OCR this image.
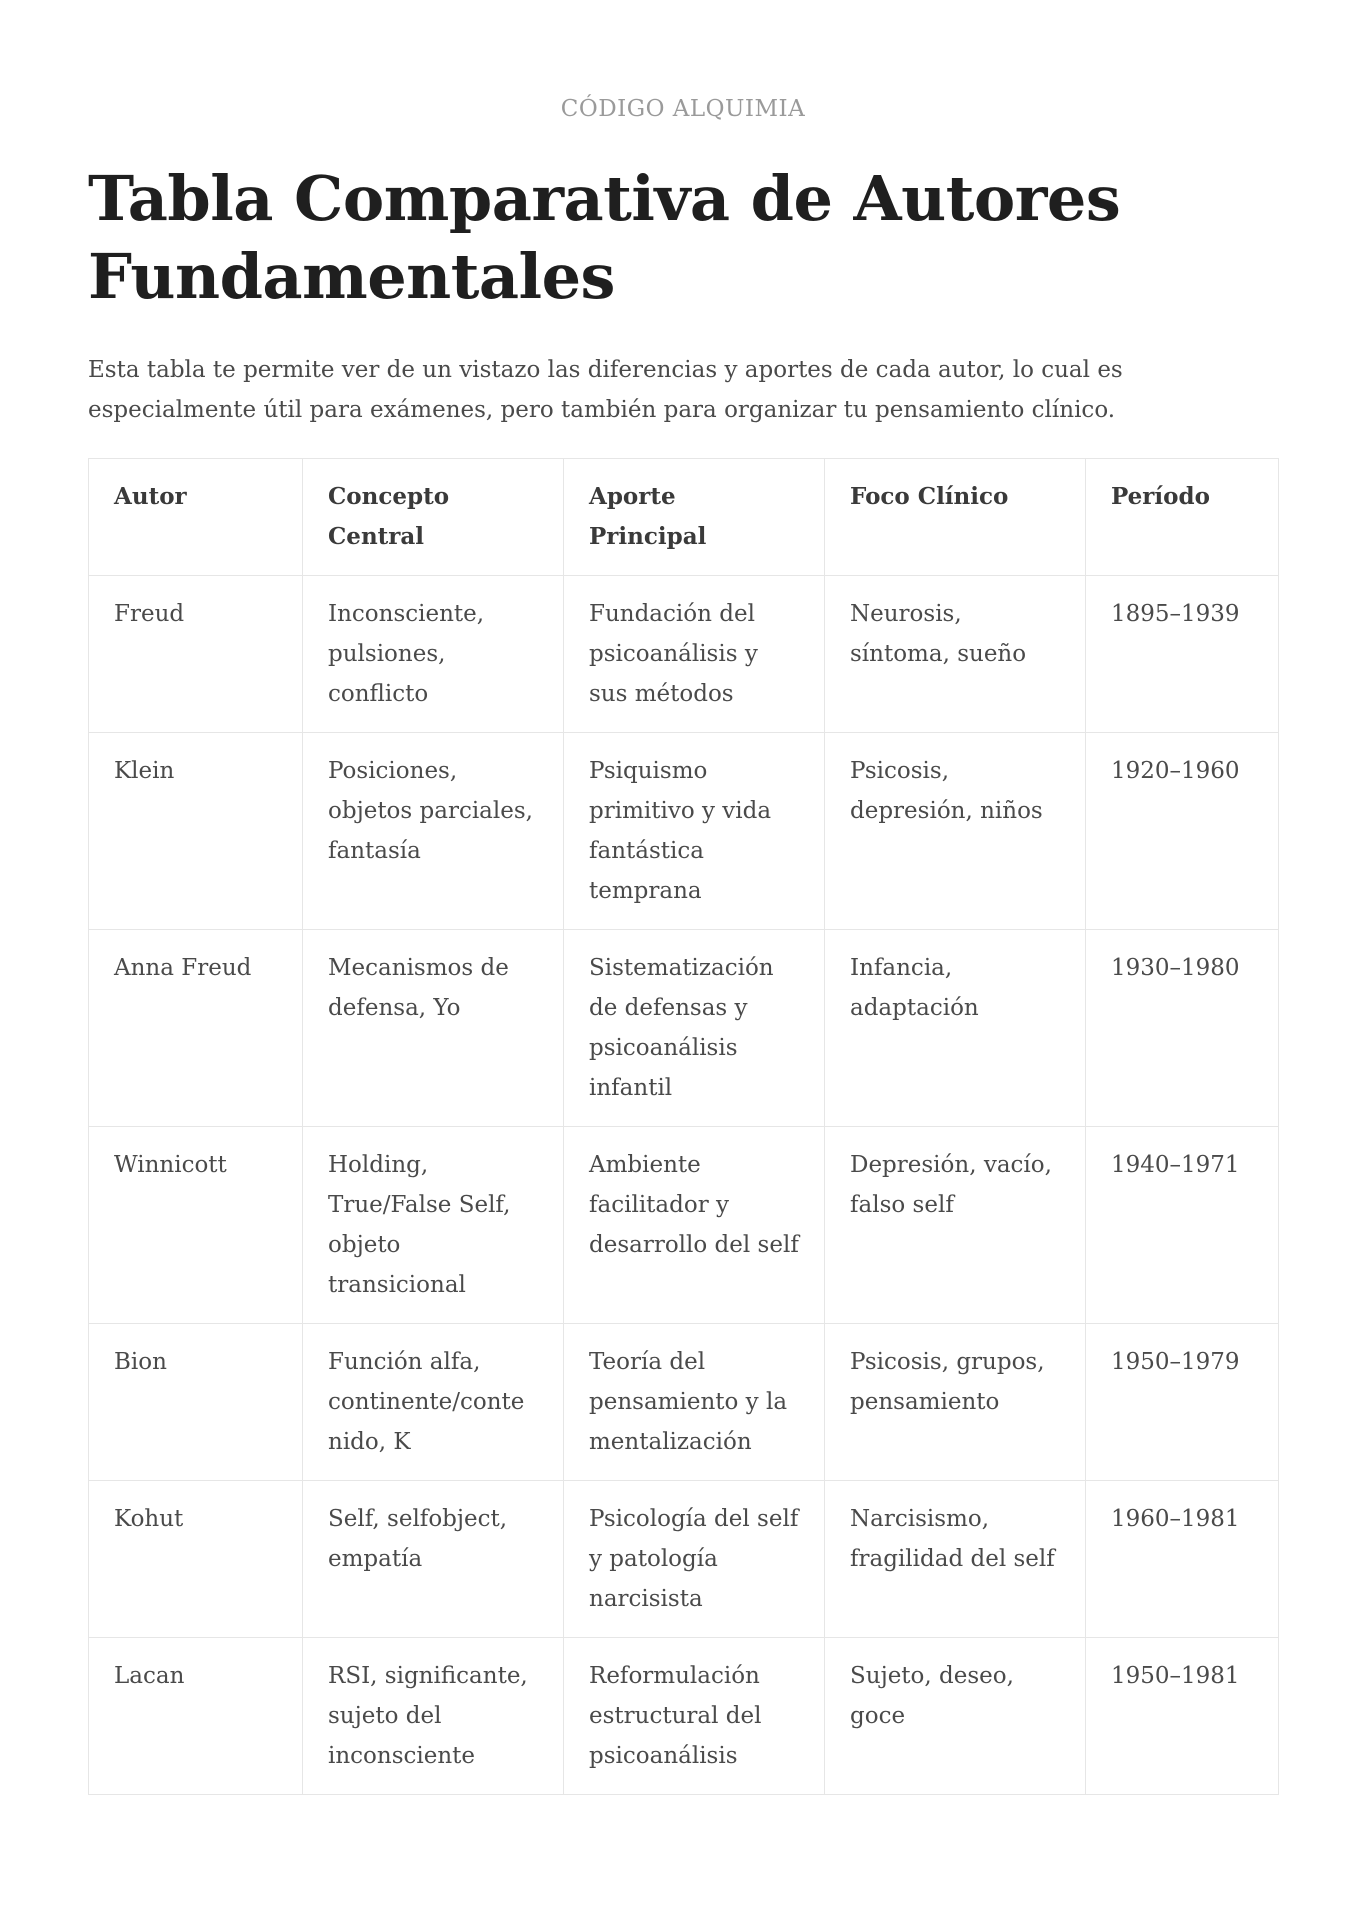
CÓDIGO ALQUIMIA
Tabla Comparativa de Autores Fundamentales

Esta tabla te permite ver de un vistazo las diferencias y aportes de cada autor, lo cual es especialmente útil para exámenes, pero también para organizar tu pensamiento clínico.

Autor	Concepto Central	Aporte Principal	Foco Clínico	Período
Freud	Inconsciente, pulsiones, conflicto	Fundación del psicoanálisis y sus métodos	Neurosis, síntoma, sueño	1895–1939
Klein	Posiciones, objetos parciales, fantasía	Psiquismo primitivo y vida fantástica temprana	Psicosis, depresión, niños	1920–1960
Anna Freud	Mecanismos de defensa, Yo	Sistematización de defensas y psicoanálisis infantil	Infancia, adaptación	1930–1980
Winnicott	Holding, True/False Self, objeto transicional	Ambiente facilitador y desarrollo del self	Depresión, vacío, falso self	1940–1971
Bion	Función alfa, continente/contenido, K	Teoría del pensamiento y la mentalización	Psicosis, grupos, pensamiento	1950–1979
Kohut	Self, selfobject, empatía	Psicología del self y patología narcisista	Narcisismo, fragilidad del self	1960–1981
Lacan	RSI, significante, sujeto del inconsciente	Reformulación estructural del psicoanálisis	Sujeto, deseo, goce	1950–1981
